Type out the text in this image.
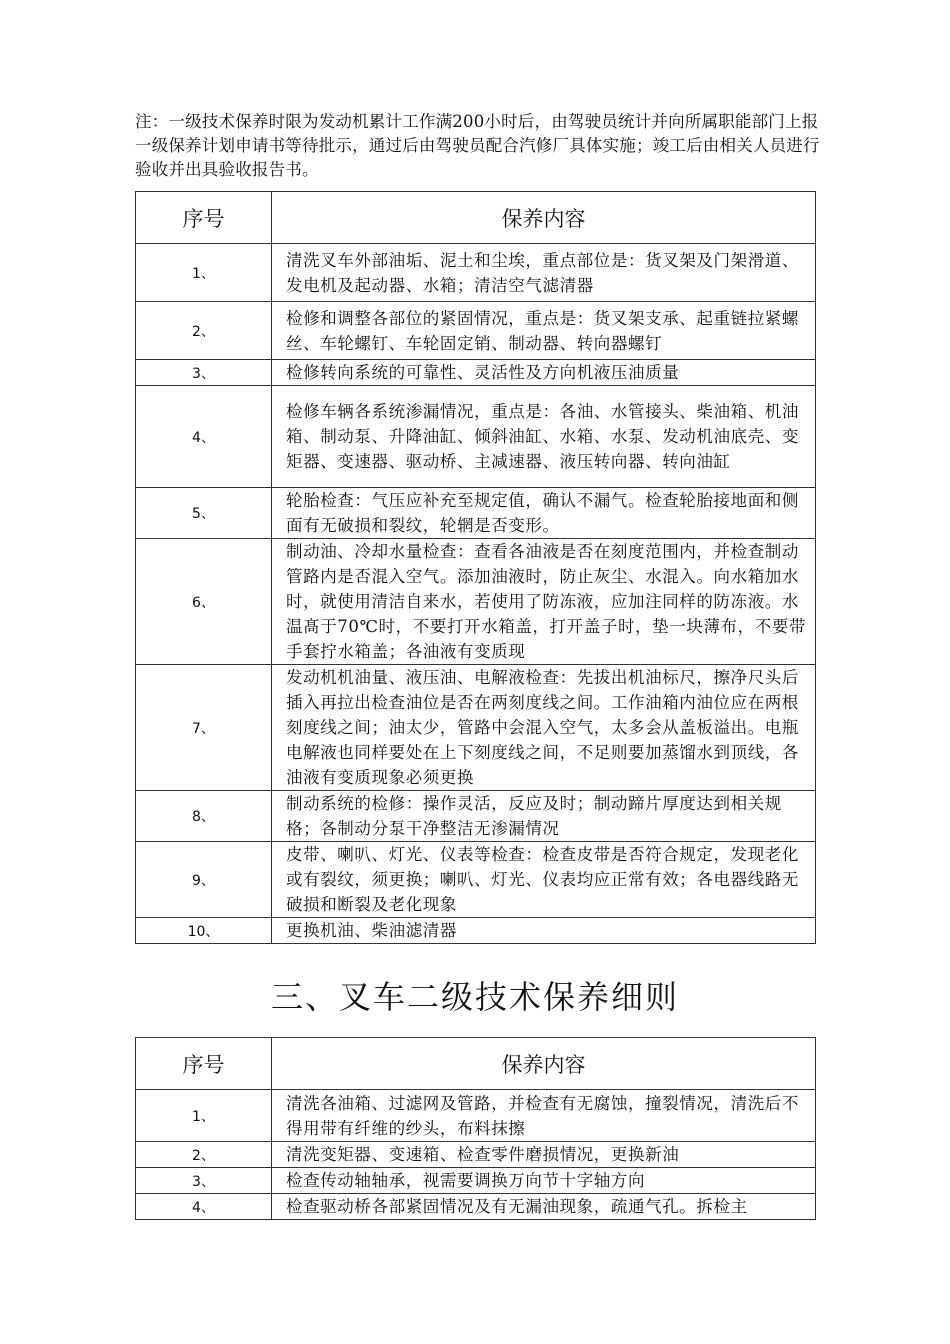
注：一级技术保养时限为发动机累计工作满200小时后，由驾驶员统计并向所属职能部门上报一级保养计划申请书等待批示，通过后由驾驶员配合汽修厂具体实施；竣工后由相关人员进行验收并出具验收报告书。
序号	保养内容
1、	清洗叉车外部油垢、泥土和尘埃，重点部位是：货叉架及门架滑道、发电机及起动器、水箱；清洁空气滤清器
2、	检修和调整各部位的紧固情况，重点是：货叉架支承、起重链拉紧螺丝、车轮螺钉、车轮固定销、制动器、转向器螺钉
3、	检修转向系统的可靠性、灵活性及方向机液压油质量
4、	检修车辆各系统渗漏情况，重点是：各油、水管接头、柴油箱、机油箱、制动泵、升降油缸、倾斜油缸、水箱、水泵、发动机油底壳、变矩器、变速器、驱动桥、主减速器、液压转向器、转向油缸
5、	轮胎检查：气压应补充至规定值，确认不漏气。检查轮胎接地面和侧面有无破损和裂纹，轮辋是否变形。
6、	制动油、冷却水量检查：查看各油液是否在刻度范围内，并检查制动管路内是否混入空气。添加油液时，防止灰尘、水混入。向水箱加水时，就使用清洁自来水，若使用了防冻液，应加注同样的防冻液。水温髙于70℃时，不要打开水箱盖，打开盖子时，垫一块薄布，不要带手套拧水箱盖；各油液有变质现
7、	发动机机油量、液压油、电解液检查：先拔出机油标尺，擦净尺头后插入再拉出检查油位是否在两刻度线之间。工作油箱内油位应在两根刻度线之间；油太少，管路中会混入空气，太多会从盖板溢出。电瓶电解液也同样要处在上下刻度线之间，不足则要加蒸馏水到顶线，各油液有变质现象必须更换
8、	制动系统的检修：操作灵活，反应及时；制动蹄片厚度达到相关规格；各制动分泵干净整洁无渗漏情况
9、	皮带、喇叭、灯光、仪表等检查：检查皮带是否符合规定，发现老化或有裂纹，须更换；喇叭、灯光、仪表均应正常有效；各电器线路无破损和断裂及老化现象
10、	更换机油、柴油滤清器
三、叉车二级技术保养细则
序号	保养内容
1、	清洗各油箱、过滤网及管路，并检查有无腐蚀，撞裂情况，清洗后不得用带有纤维的纱头，布料抹擦
2、	清洗变矩器、变速箱、检查零件磨损情况，更换新油
3、	检查传动轴轴承，视需要调换万向节十字轴方向
4、	检查驱动桥各部紧固情况及有无漏油现象，疏通气孔。拆检主
